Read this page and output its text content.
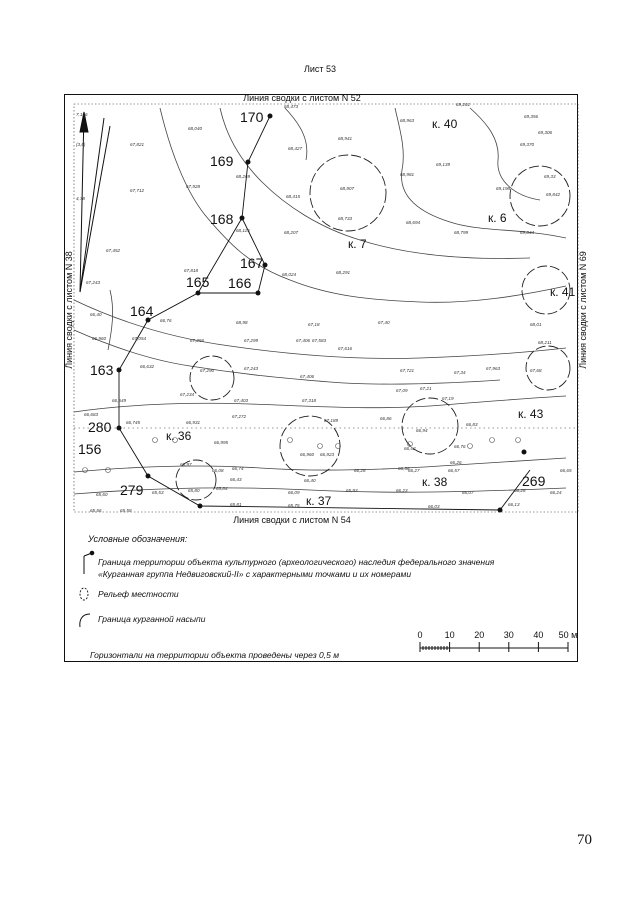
Лист 53
Линия сводки с листом N 52
Линия сводки с листом N 54
Линия сводки с листом N 38	Линия сводки с листом N 69
170
169
168
167
165 166
164
163
280
156
279
269
к. 40
к. 6
к. 7
к. 41
к. 43
к. 36
к. 38
к. 37
7,186
(3,8)
4,78
67,821
67,712
68,040
67,928
68,269
68,115	68,207
68,473
68,427
68,415
68,941
68,907
68,733
69,261
68,963
68,981
68,694
69,139
68,799
69,356
69,306
69,370
69,198
69,33
69,842
69,044
67,452
67,243
67,818
68,024	68,291
66,40
66,960	67,054
66,76
67,256
68,98
67,299	67,406
67,18
67,583
67,40
67,616
68,01
68,211
66,632
67,290	67,243
67,406
67,721	67,34
67,963	67,68
67,234
67,403	67,318
67,09	67,21
67,19
66,549
67,272
66,683
66,745	66,931
66,995
67,189	66,86
66,94
66,83
66,76
66,97
66,74
66,960 66,923
66,28	66,58	66,65
66,08
66,43	66,40
65,93	66,23	66,07	66,28	66,24
65,84
66,09
65,75
65,58
65,53	65,80
65,81
65,60
65,56
66,03	66,13
66,26
66,57
66,27
66,52
Условные обозначения:
Граница территории объекта культурного (археологического) наследия федерального значения
«Курганная группа Недвиговский-II» с характерными точками и их номерами
Рельеф местности
Граница курганной насыпи
0 10 20 30 40 50 м
Горизонтали на территории объекта проведены через 0,5 м
70
